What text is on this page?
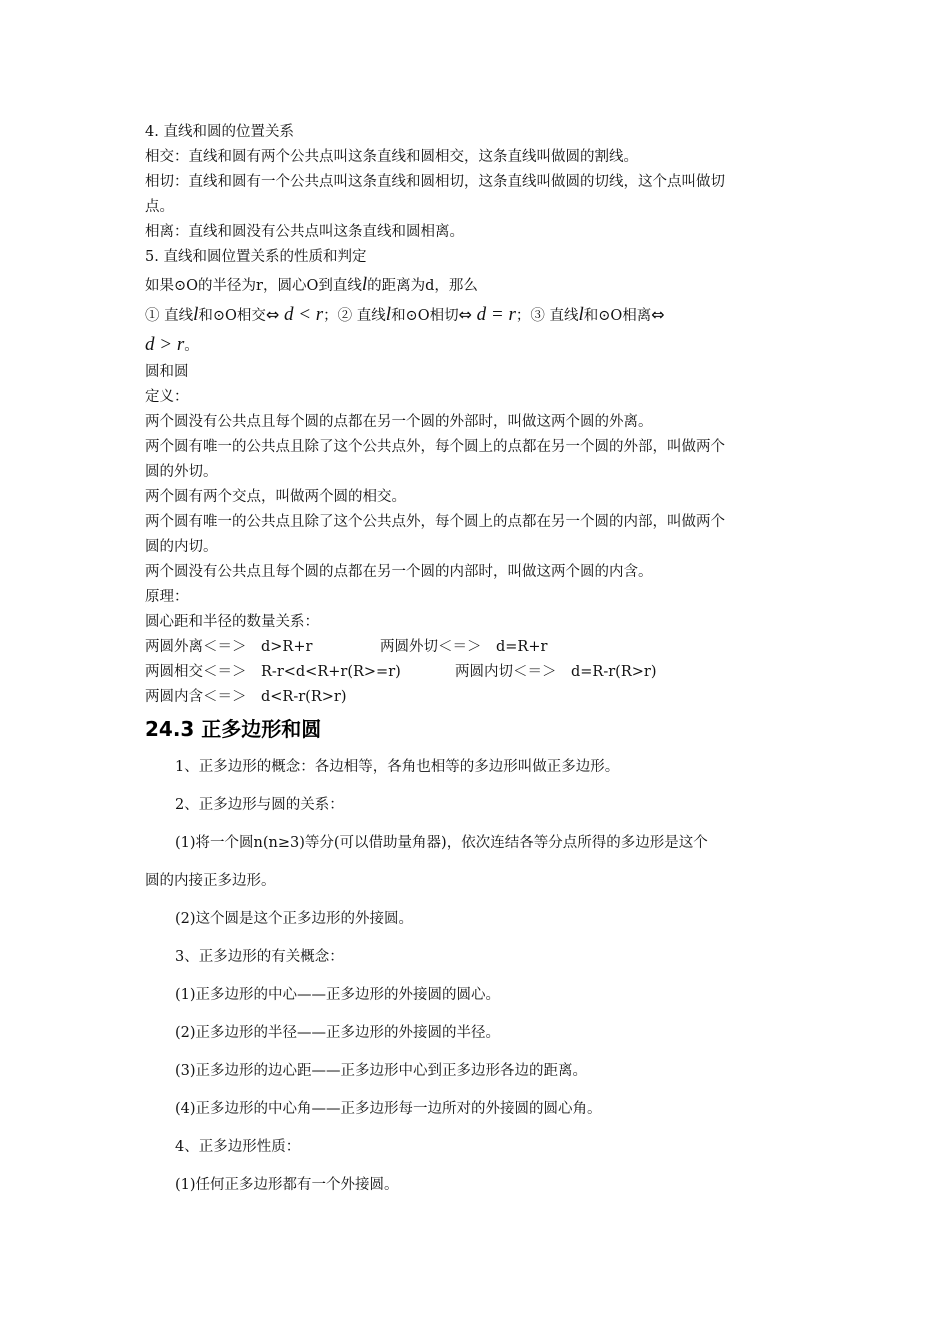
4. 直线和圆的位置关系
相交：直线和圆有两个公共点叫这条直线和圆相交，这条直线叫做圆的割线。
相切：直线和圆有一个公共点叫这条直线和圆相切，这条直线叫做圆的切线，这个点叫做切
点。
相离：直线和圆没有公共点叫这条直线和圆相离。
5. 直线和圆位置关系的性质和判定
如果⊙O的半径为r，圆心O到直线l的距离为d，那么
① 直线l和⊙O相交⇔ d < r；② 直线l和⊙O相切⇔ d = r；③ 直线l和⊙O相离⇔
d > r。
圆和圆
定义：
两个圆没有公共点且每个圆的点都在另一个圆的外部时，叫做这两个圆的外离。
两个圆有唯一的公共点且除了这个公共点外，每个圆上的点都在另一个圆的外部，叫做两个
圆的外切。
两个圆有两个交点，叫做两个圆的相交。
两个圆有唯一的公共点且除了这个公共点外，每个圆上的点都在另一个圆的内部，叫做两个
圆的内切。
两个圆没有公共点且每个圆的点都在另一个圆的内部时，叫做这两个圆的内含。
原理：
圆心距和半径的数量关系：
两圆外离＜＝＞　d>R+r	两圆外切＜＝＞　d=R+r
两圆相交＜＝＞　R-r<d<R+r(R>=r)	两圆内切＜＝＞　d=R-r(R>r)
两圆内含＜＝＞　d<R-r(R>r)
24.3 正多边形和圆
1、正多边形的概念：各边相等，各角也相等的多边形叫做正多边形。
2、正多边形与圆的关系：
(1)将一个圆n(n≥3)等分(可以借助量角器)，依次连结各等分点所得的多边形是这个
圆的内接正多边形。
(2)这个圆是这个正多边形的外接圆。
3、正多边形的有关概念：
(1)正多边形的中心——正多边形的外接圆的圆心。
(2)正多边形的半径——正多边形的外接圆的半径。
(3)正多边形的边心距——正多边形中心到正多边形各边的距离。
(4)正多边形的中心角——正多边形每一边所对的外接圆的圆心角。
4、正多边形性质：
(1)任何正多边形都有一个外接圆。
